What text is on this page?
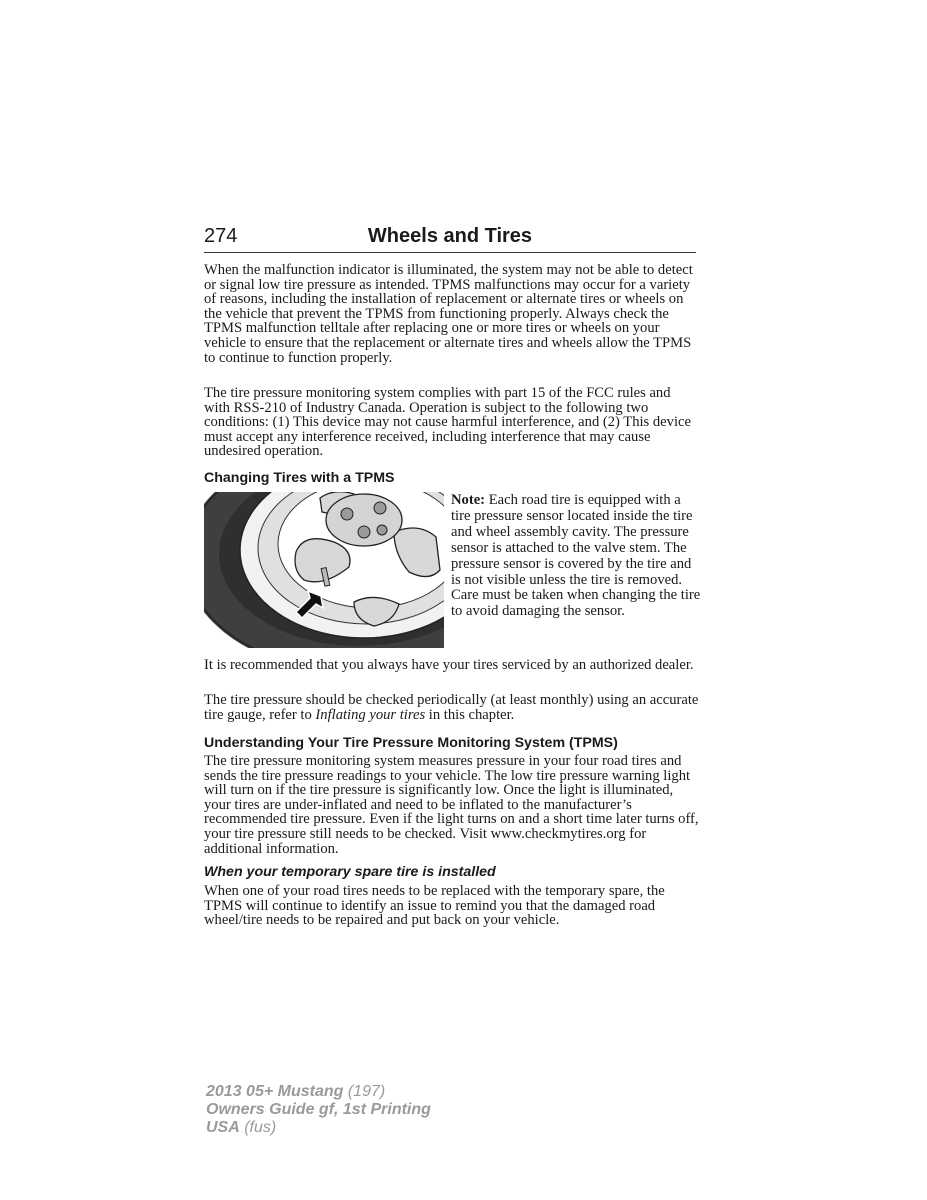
274	Wheels and Tires

When the malfunction indicator is illuminated, the system may not be able to detect or signal low tire pressure as intended. TPMS malfunctions may occur for a variety of reasons, including the installation of replacement or alternate tires or wheels on the vehicle that prevent the TPMS from functioning properly. Always check the TPMS malfunction telltale after replacing one or more tires or wheels on your vehicle to ensure that the replacement or alternate tires and wheels allow the TPMS to continue to function properly.

The tire pressure monitoring system complies with part 15 of the FCC rules and with RSS-210 of Industry Canada. Operation is subject to the following two conditions: (1) This device may not cause harmful interference, and (2) This device must accept any interference received, including interference that may cause undesired operation.

Changing Tires with a TPMS

Note: Each road tire is equipped with a tire pressure sensor located inside the tire and wheel assembly cavity. The pressure sensor is attached to the valve stem. The pressure sensor is covered by the tire and is not visible unless the tire is removed. Care must be taken when changing the tire to avoid damaging the sensor.

It is recommended that you always have your tires serviced by an authorized dealer.

The tire pressure should be checked periodically (at least monthly) using an accurate tire gauge, refer to Inflating your tires in this chapter.

Understanding Your Tire Pressure Monitoring System (TPMS)

The tire pressure monitoring system measures pressure in your four road tires and sends the tire pressure readings to your vehicle. The low tire pressure warning light will turn on if the tire pressure is significantly low. Once the light is illuminated, your tires are under-inflated and need to be inflated to the manufacturer’s recommended tire pressure. Even if the light turns on and a short time later turns off, your tire pressure still needs to be checked. Visit www.checkmytires.org for additional information.

When your temporary spare tire is installed

When one of your road tires needs to be replaced with the temporary spare, the TPMS will continue to identify an issue to remind you that the damaged road wheel/tire needs to be repaired and put back on your vehicle.

2013 05+ Mustang (197)
Owners Guide gf, 1st Printing
USA (fus)
